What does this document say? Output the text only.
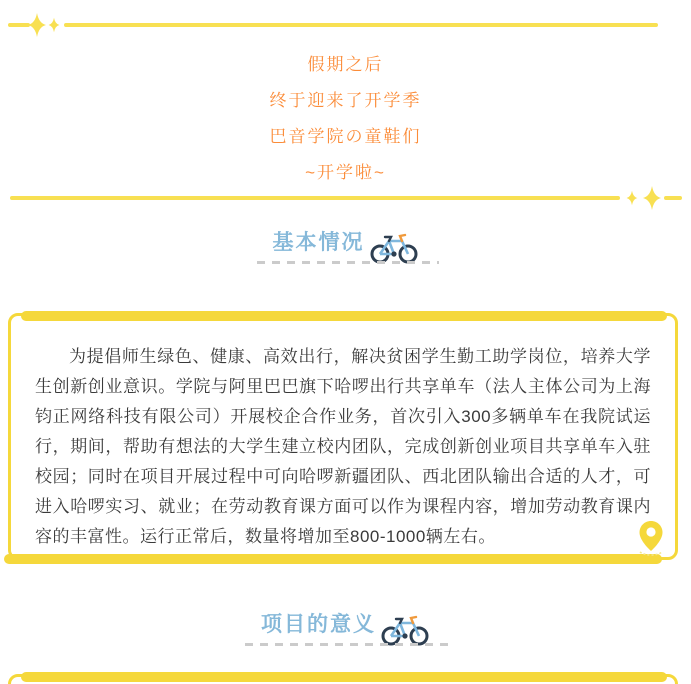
假期之后
终于迎来了开学季
巴音学院の童鞋们
~开学啦~
基本情况

为提倡师生绿色、健康、高效出行，解决贫困学生勤工助学岗位，培养大学生创新创业意识。学院与阿里巴巴旗下哈啰出行共享单车（法人主体公司为上海钧正网络科技有限公司）开展校企合作业务，首次引入300多辆单车在我院试运行，期间，帮助有想法的大学生建立校内团队，完成创新创业项目共享单车入驻校园；同时在项目开展过程中可向哈啰新疆团队、西北团队输出合适的人才，可进入哈啰实习、就业；在劳动教育课方面可以作为课程内容，增加劳动教育课内容的丰富性。运行正常后，数量将增加至800-1000辆左右。

项目的意义
